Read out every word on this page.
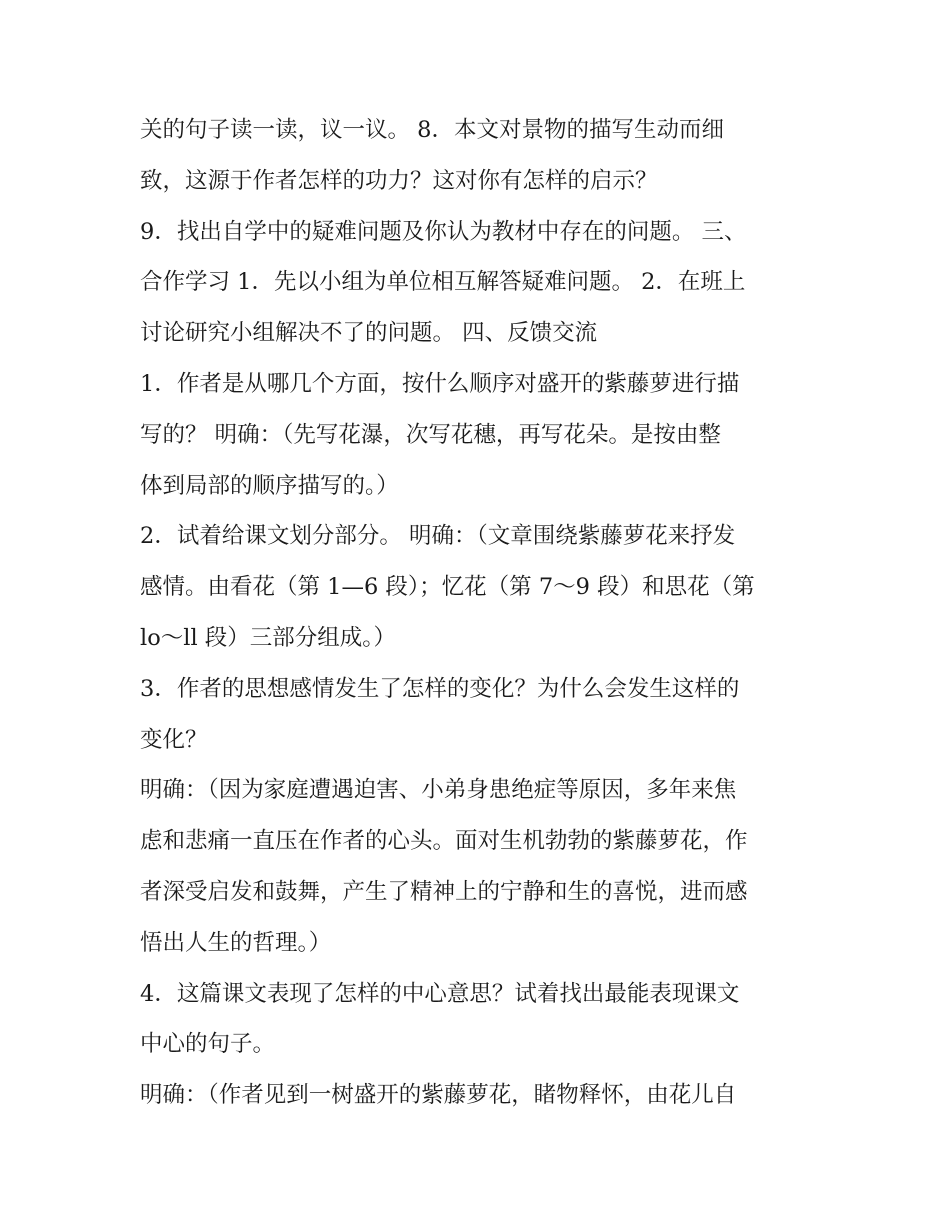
关的句子读一读，议一议。 8．本文对景物的描写生动而细
致，这源于作者怎样的功力？这对你有怎样的启示？
9．找出自学中的疑难问题及你认为教材中存在的问题。 三、
合作学习 1．先以小组为单位相互解答疑难问题。 2．在班上
讨论研究小组解决不了的问题。 四、反馈交流
1．作者是从哪几个方面，按什么顺序对盛开的紫藤萝进行描
写的？ 明确：（先写花瀑，次写花穗，再写花朵。是按由整
体到局部的顺序描写的。）
2．试着给课文划分部分。 明确：（文章围绕紫藤萝花来抒发
感情。由看花（第 1—6 段）；忆花（第 7～9 段）和思花（第
lo～ll 段）三部分组成。）
3．作者的思想感情发生了怎样的变化？为什么会发生这样的
变化？
明确：（因为家庭遭遇迫害、小弟身患绝症等原因，多年来焦
虑和悲痛一直压在作者的心头。面对生机勃勃的紫藤萝花，作
者深受启发和鼓舞，产生了精神上的宁静和生的喜悦，进而感
悟出人生的哲理。）
4．这篇课文表现了怎样的中心意思？试着找出最能表现课文
中心的句子。
明确：（作者见到一树盛开的紫藤萝花，睹物释怀，由花儿自
